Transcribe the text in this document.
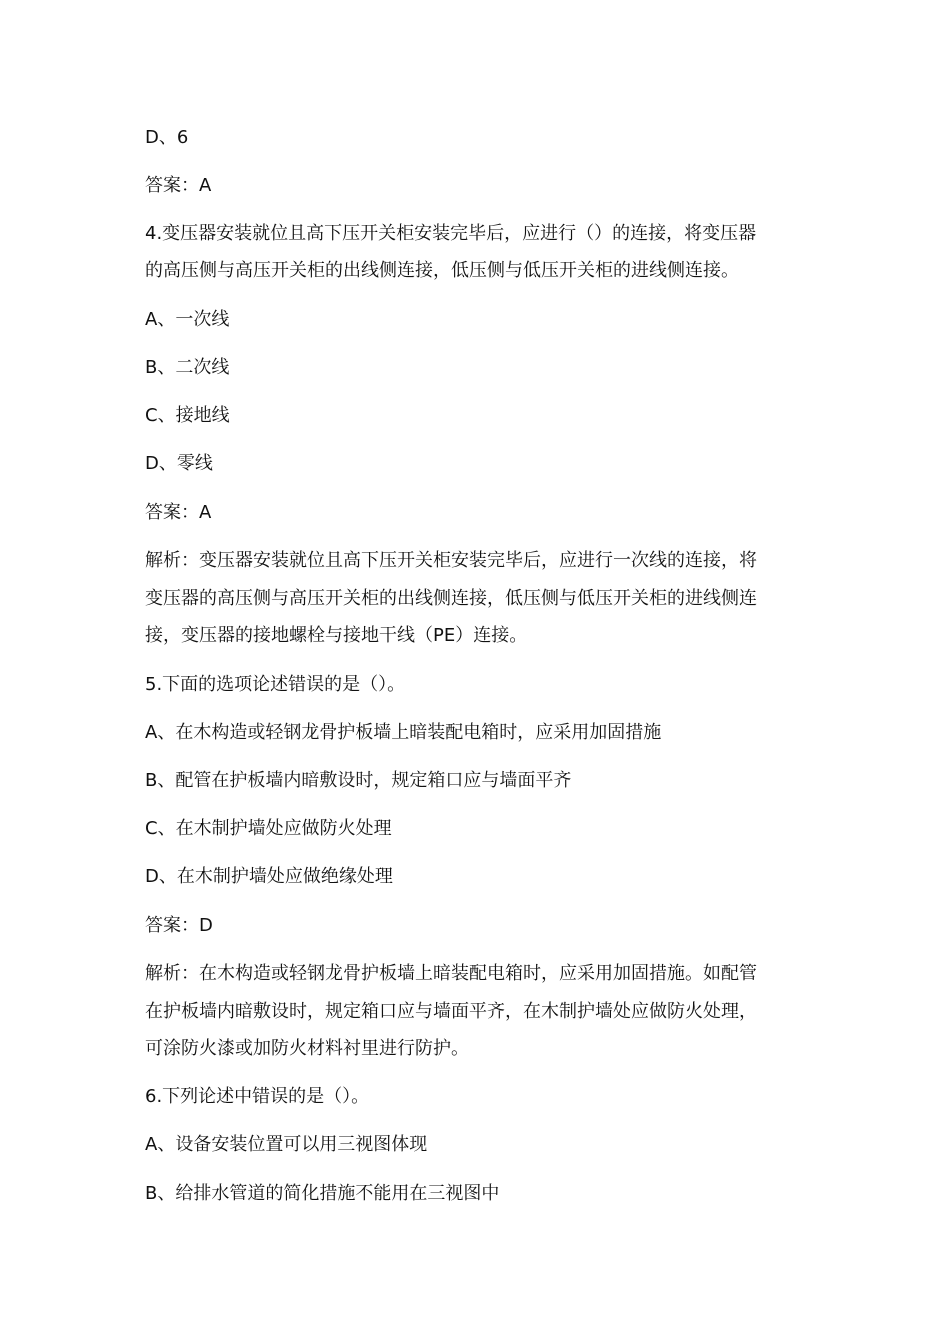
D、6
答案：A
4.变压器安装就位且高下压开关柜安装完毕后，应进行（）的连接，将变压器
的高压侧与高压开关柜的出线侧连接，低压侧与低压开关柜的进线侧连接。
A、一次线
B、二次线
C、接地线
D、零线
答案：A
解析：变压器安装就位且高下压开关柜安装完毕后，应进行一次线的连接，将
变压器的高压侧与高压开关柜的出线侧连接，低压侧与低压开关柜的进线侧连
接，变压器的接地螺栓与接地干线（PE）连接。
5.下面的选项论述错误的是（）。
A、在木构造或轻钢龙骨护板墙上暗装配电箱时，应采用加固措施
B、配管在护板墙内暗敷设时，规定箱口应与墙面平齐
C、在木制护墙处应做防火处理
D、在木制护墙处应做绝缘处理
答案：D
解析：在木构造或轻钢龙骨护板墙上暗装配电箱时，应采用加固措施。如配管
在护板墙内暗敷设时，规定箱口应与墙面平齐，在木制护墙处应做防火处理，
可涂防火漆或加防火材料衬里进行防护。
6.下列论述中错误的是（）。
A、设备安装位置可以用三视图体现
B、给排水管道的简化措施不能用在三视图中
